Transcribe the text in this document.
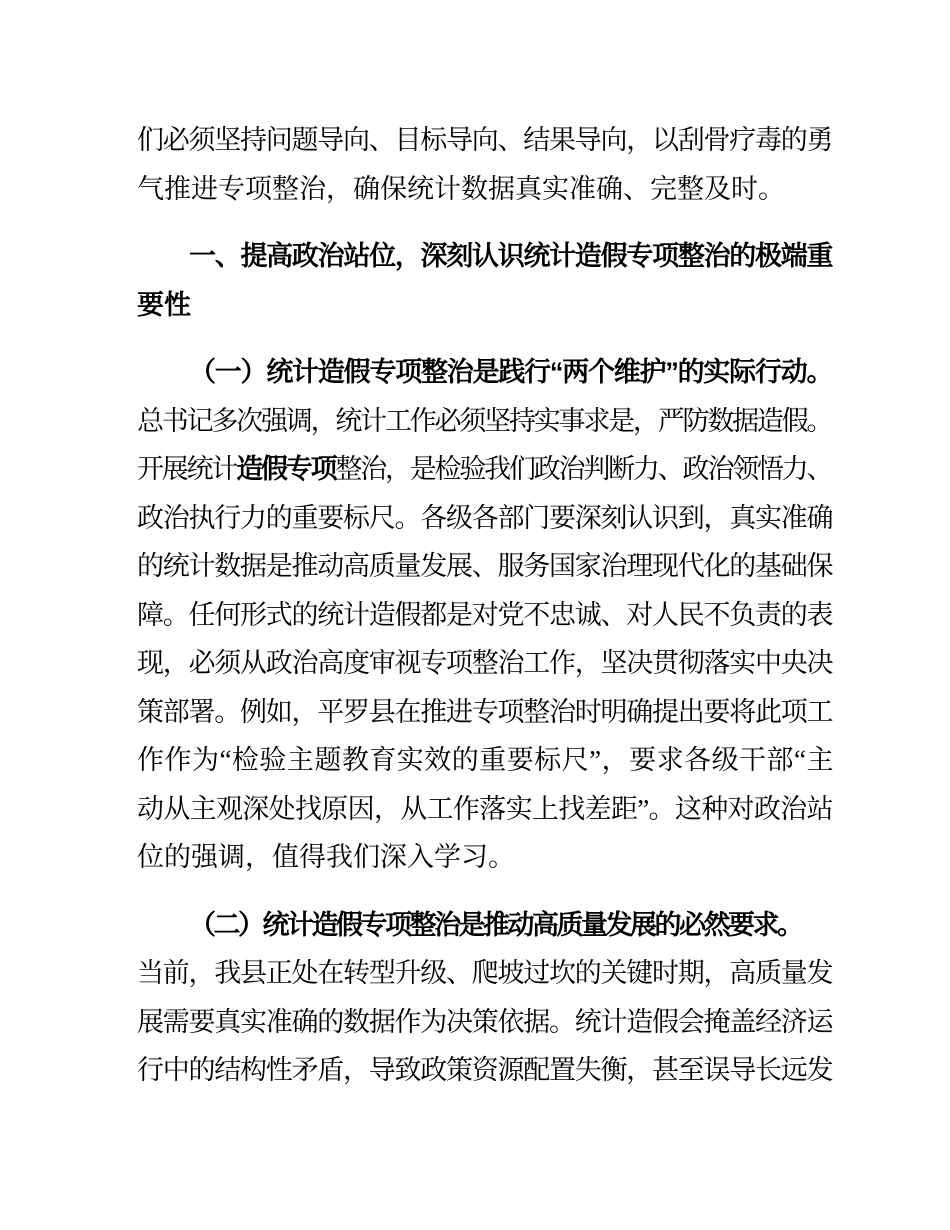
们必须坚持问题导向、目标导向、结果导向，以刮骨疗毒的勇
气推进专项整治，确保统计数据真实准确、完整及时。
一、提高政治站位，深刻认识统计造假专项整治的极端重
要性
（一）统计造假专项整治是践行“两个维护”的实际行动。
总书记多次强调，统计工作必须坚持实事求是，严防数据造假。
开展统计造假专项整治，是检验我们政治判断力、政治领悟力、
政治执行力的重要标尺。各级各部门要深刻认识到，真实准确
的统计数据是推动高质量发展、服务国家治理现代化的基础保
障。任何形式的统计造假都是对党不忠诚、对人民不负责的表
现，必须从政治高度审视专项整治工作，坚决贯彻落实中央决
策部署。例如，平罗县在推进专项整治时明确提出要将此项工
作作为“检验主题教育实效的重要标尺”，要求各级干部“主
动从主观深处找原因，从工作落实上找差距”。这种对政治站
位的强调，值得我们深入学习。
（二）统计造假专项整治是推动高质量发展的必然要求。
当前，我县正处在转型升级、爬坡过坎的关键时期，高质量发
展需要真实准确的数据作为决策依据。统计造假会掩盖经济运
行中的结构性矛盾，导致政策资源配置失衡，甚至误导长远发
